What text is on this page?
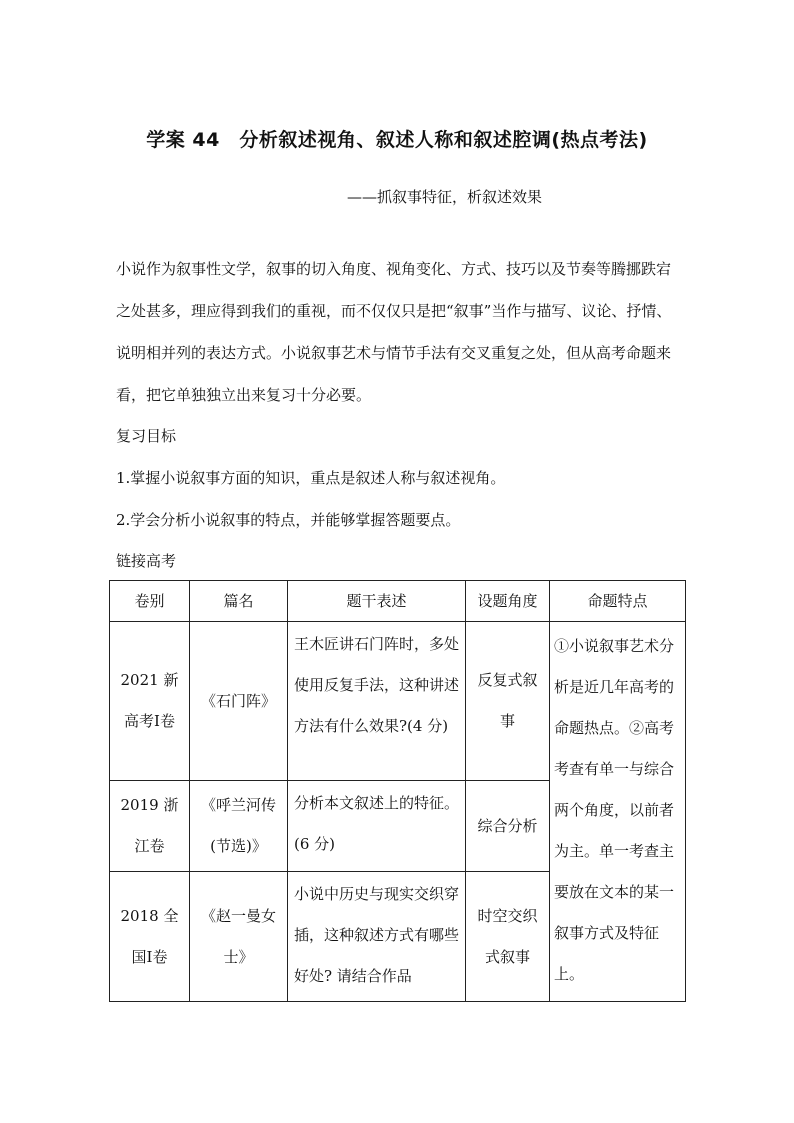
学案 44　分析叙述视角、叙述人称和叙述腔调(热点考法)
——抓叙事特征，析叙述效果
小说作为叙事性文学，叙事的切入角度、视角变化、方式、技巧以及节奏等腾挪跌宕之处甚多，理应得到我们的重视，而不仅仅只是把“叙事”当作与描写、议论、抒情、说明相并列的表达方式。小说叙事艺术与情节手法有交叉重复之处，但从高考命题来看，把它单独独立出来复习十分必要。
复习目标
1.掌握小说叙事方面的知识，重点是叙述人称与叙述视角。
2.学会分析小说叙事的特点，并能够掌握答题要点。
链接高考
卷别	篇名	题干表述	设题角度	命题特点
2021 新高考Ⅰ卷	《石门阵》	王木匠讲石门阵时，多处使用反复手法，这种讲述方法有什么效果?(4 分)	反复式叙事	①小说叙事艺术分析是近几年高考的命题热点。②高考考查有单一与综合两个角度，以前者为主。单一考查主要放在文本的某一叙事方式及特征上。
2019 浙江卷	《呼兰河传(节选)》	分析本文叙述上的特征。(6 分)	综合分析	
2018 全国Ⅰ卷	《赵一曼女士》	小说中历史与现实交织穿插，这种叙述方式有哪些好处? 请结合作品	时空交织式叙事	
